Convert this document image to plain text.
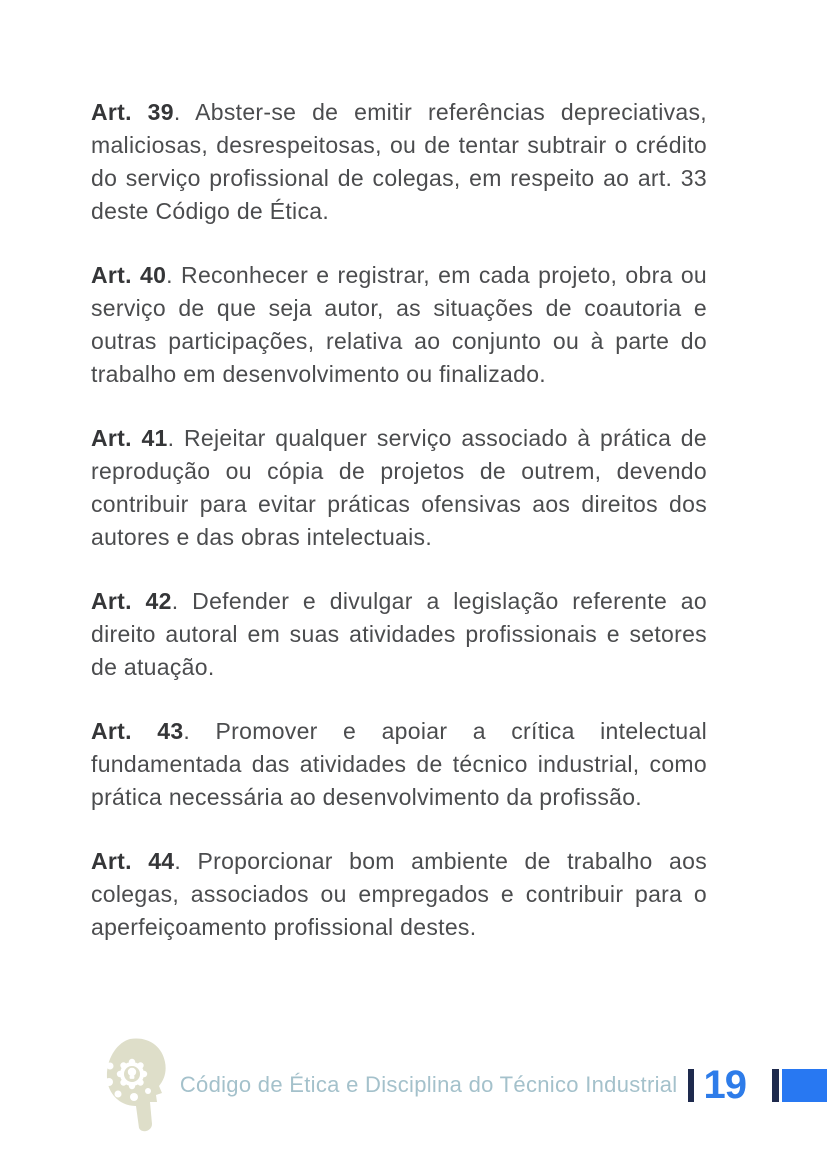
Art. 39. Abster-se de emitir referências depreciativas, maliciosas, desrespeitosas, ou de tentar subtrair o crédito do serviço profissional de colegas, em respeito ao art. 33 deste Código de Ética.

Art. 40. Reconhecer e registrar, em cada projeto, obra ou serviço de que seja autor, as situações de coautoria e outras participações, relativa ao conjunto ou à parte do trabalho em desenvolvimento ou finalizado.

Art. 41. Rejeitar qualquer serviço associado à prática de reprodução ou cópia de projetos de outrem, devendo contribuir para evitar práticas ofensivas aos direitos dos autores e das obras intelectuais.

Art. 42. Defender e divulgar a legislação referente ao direito autoral em suas atividades profissionais e setores de atuação.

Art. 43. Promover e apoiar a crítica intelectual fundamentada das atividades de técnico industrial, como prática necessária ao desenvolvimento da profissão.

Art. 44. Proporcionar bom ambiente de trabalho aos colegas, associados ou empregados e contribuir para o aperfeiçoamento profissional destes.

Código de Ética e Disciplina do Técnico Industrial 19
